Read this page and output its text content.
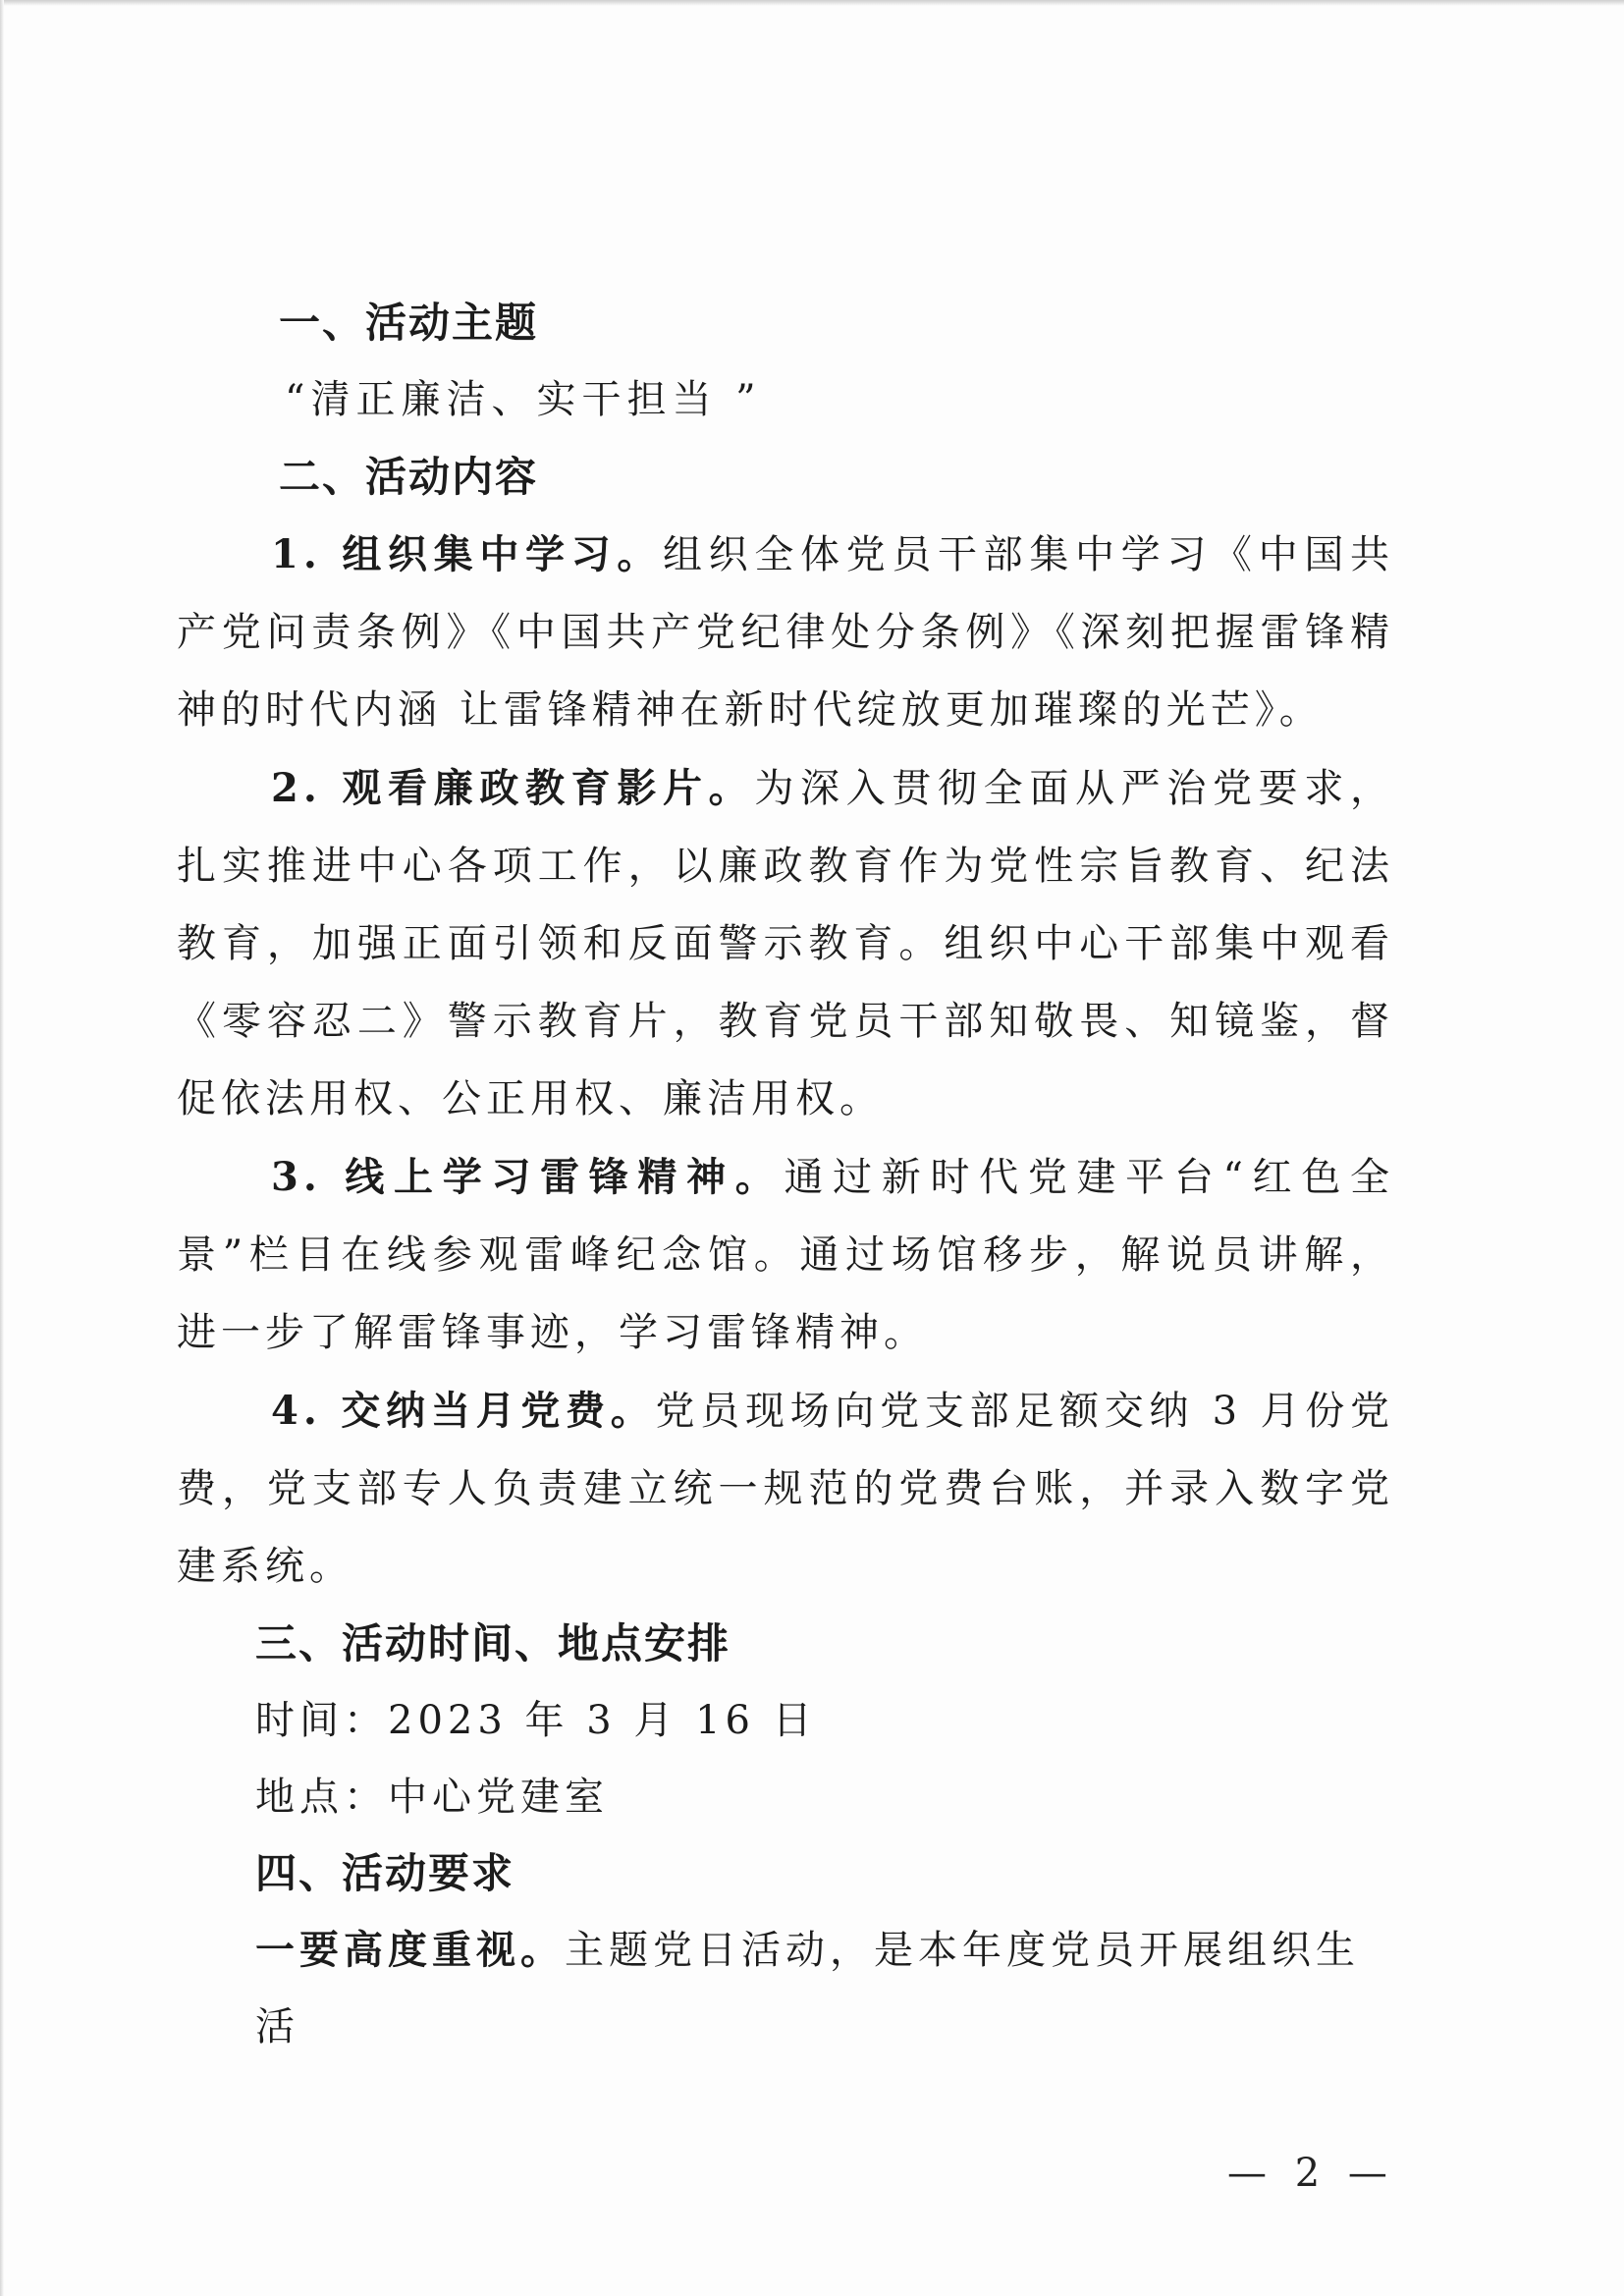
一、活动主题

“清正廉洁、实干担当 ”

二、活动内容

1. 组织集中学习。组织全体党员干部集中学习《中国共产党问责条例》《中国共产党纪律处分条例》《深刻把握雷锋精神的时代内涵 让雷锋精神在新时代绽放更加璀璨的光芒》。

2. 观看廉政教育影片。为深入贯彻全面从严治党要求，扎实推进中心各项工作，以廉政教育作为党性宗旨教育、纪法教育，加强正面引领和反面警示教育。组织中心干部集中观看《零容忍二》警示教育片，教育党员干部知敬畏、知镜鉴，督促依法用权、公正用权、廉洁用权。

3. 线上学习雷锋精神。通过新时代党建平台“红色全景”栏目在线参观雷峰纪念馆。通过场馆移步，解说员讲解，进一步了解雷锋事迹，学习雷锋精神。

4. 交纳当月党费。党员现场向党支部足额交纳 3 月份党费，党支部专人负责建立统一规范的党费台账，并录入数字党建系统。

三、活动时间、地点安排

时间：2023 年 3 月 16 日

地点：中心党建室

四、活动要求

一要高度重视。主题党日活动，是本年度党员开展组织生活

— 2 —
